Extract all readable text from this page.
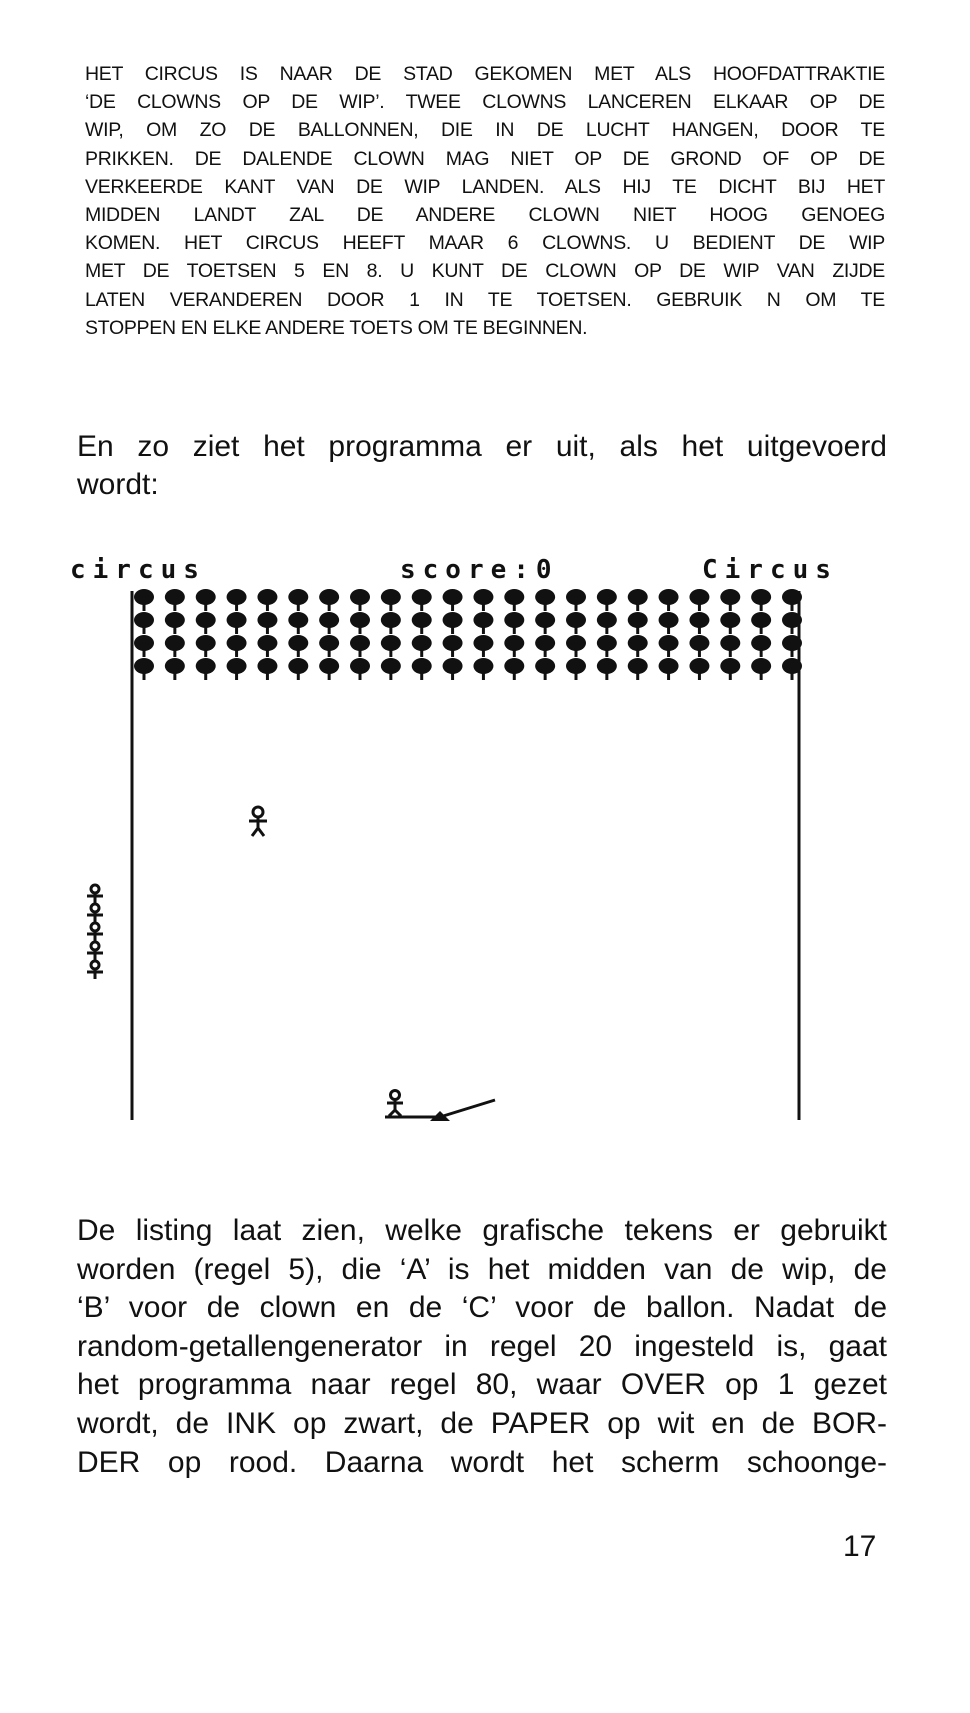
HET CIRCUS IS NAAR DE STAD GEKOMEN MET ALS HOOFDATTRAKTIE
‘DE CLOWNS OP DE WIP’. TWEE CLOWNS LANCEREN ELKAAR OP DE
WIP, OM ZO DE BALLONNEN, DIE IN DE LUCHT HANGEN, DOOR TE
PRIKKEN. DE DALENDE CLOWN MAG NIET OP DE GROND OF OP DE
VERKEERDE KANT VAN DE WIP LANDEN. ALS HIJ TE DICHT BIJ HET
MIDDEN LANDT ZAL DE ANDERE CLOWN NIET HOOG GENOEG
KOMEN. HET CIRCUS HEEFT MAAR 6 CLOWNS. U BEDIENT DE WIP
MET DE TOETSEN 5 EN 8. U KUNT DE CLOWN OP DE WIP VAN ZIJDE
LATEN VERANDEREN DOOR 1 IN TE TOETSEN. GEBRUIK N OM TE
STOPPEN EN ELKE ANDERE TOETS OM TE BEGINNEN.
En zo ziet het programma er uit, als het uitgevoerd
wordt:
circus	score:0	Circus
De listing laat zien, welke grafische tekens er gebruikt
worden (regel 5), die ‘A’ is het midden van de wip, de
‘B’ voor de clown en de ‘C’ voor de ballon. Nadat de
random-getallengenerator in regel 20 ingesteld is, gaat
het programma naar regel 80, waar OVER op 1 gezet
wordt, de INK op zwart, de PAPER op wit en de BOR-
DER op rood. Daarna wordt het scherm schoonge-
17
